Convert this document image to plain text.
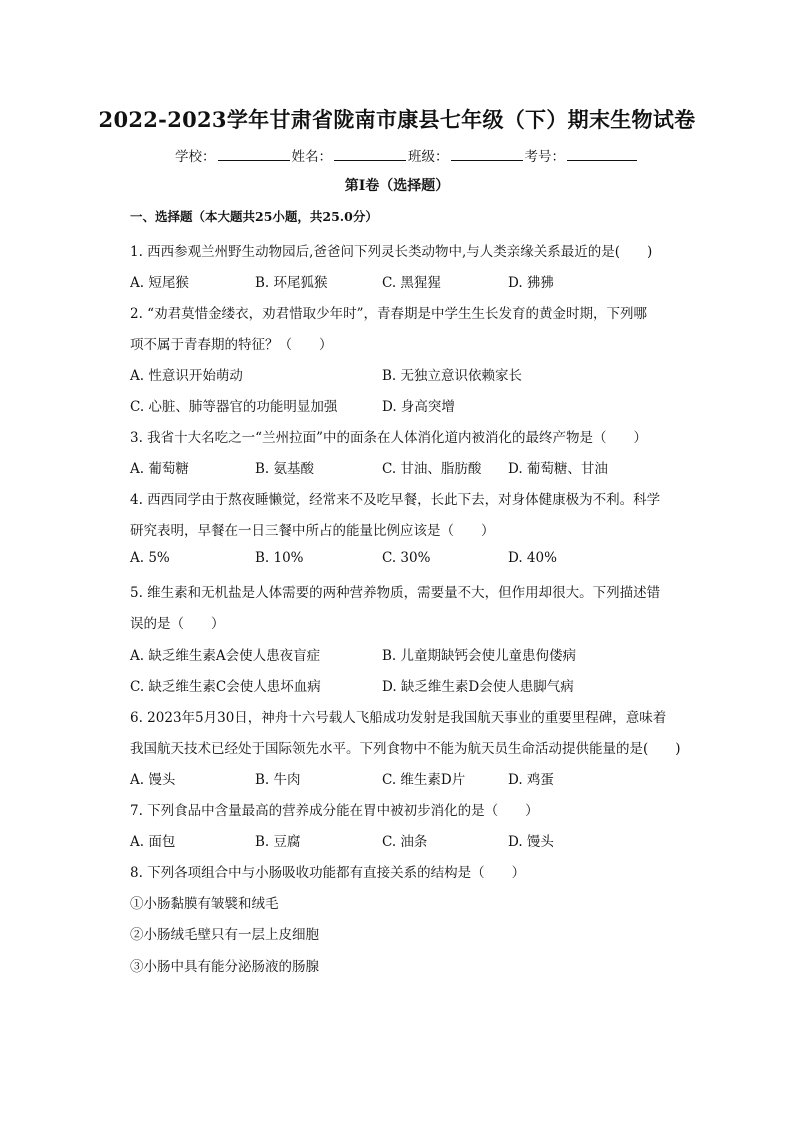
2022-2023学年甘肃省陇南市康县七年级（下）期末生物试卷
学校：	姓名：	班级：	考号：
第Ⅰ卷（选择题）
一、选择题（本大题共25小题，共25.0分）
1. 西西参观兰州野生动物园后,爸爸问下列灵长类动物中,与人类亲缘关系最近的是(　　)
A. 短尾猴	B. 环尾狐猴	C. 黑猩猩	D. 狒狒
2. “劝君莫惜金缕衣，劝君惜取少年时”，青春期是中学生生长发育的黄金时期，下列哪
项不属于青春期的特征？（　　）
A. 性意识开始萌动	B. 无独立意识依赖家长
C. 心脏、肺等器官的功能明显加强	D. 身高突增
3. 我省十大名吃之一“兰州拉面”中的面条在人体消化道内被消化的最终产物是（　　）
A. 葡萄糖	B. 氨基酸	C. 甘油、脂肪酸 D. 葡萄糖、甘油
4. 西西同学由于熬夜睡懒觉，经常来不及吃早餐，长此下去，对身体健康极为不利。科学
研究表明，早餐在一日三餐中所占的能量比例应该是（　　）
A. 5%	B. 10%	C. 30%	D. 40%
5. 维生素和无机盐是人体需要的两种营养物质，需要量不大，但作用却很大。下列描述错
误的是（　　）
A. 缺乏维生素A会使人患夜盲症	B. 儿童期缺钙会使儿童患佝偻病
C. 缺乏维生素C会使人患坏血病	D. 缺乏维生素D会使人患脚气病
6. 2023年5月30日，神舟十六号载人飞船成功发射是我国航天事业的重要里程碑，意味着
我国航天技术已经处于国际领先水平。下列食物中不能为航天员生命活动提供能量的是(　　)
A. 馒头	B. 牛肉	C. 维生素D片	D. 鸡蛋
7. 下列食品中含量最高的营养成分能在胃中被初步消化的是（　　）
A. 面包	B. 豆腐	C. 油条	D. 馒头
8. 下列各项组合中与小肠吸收功能都有直接关系的结构是（　　）
①小肠黏膜有皱襞和绒毛
②小肠绒毛壁只有一层上皮细胞
③小肠中具有能分泌肠液的肠腺
